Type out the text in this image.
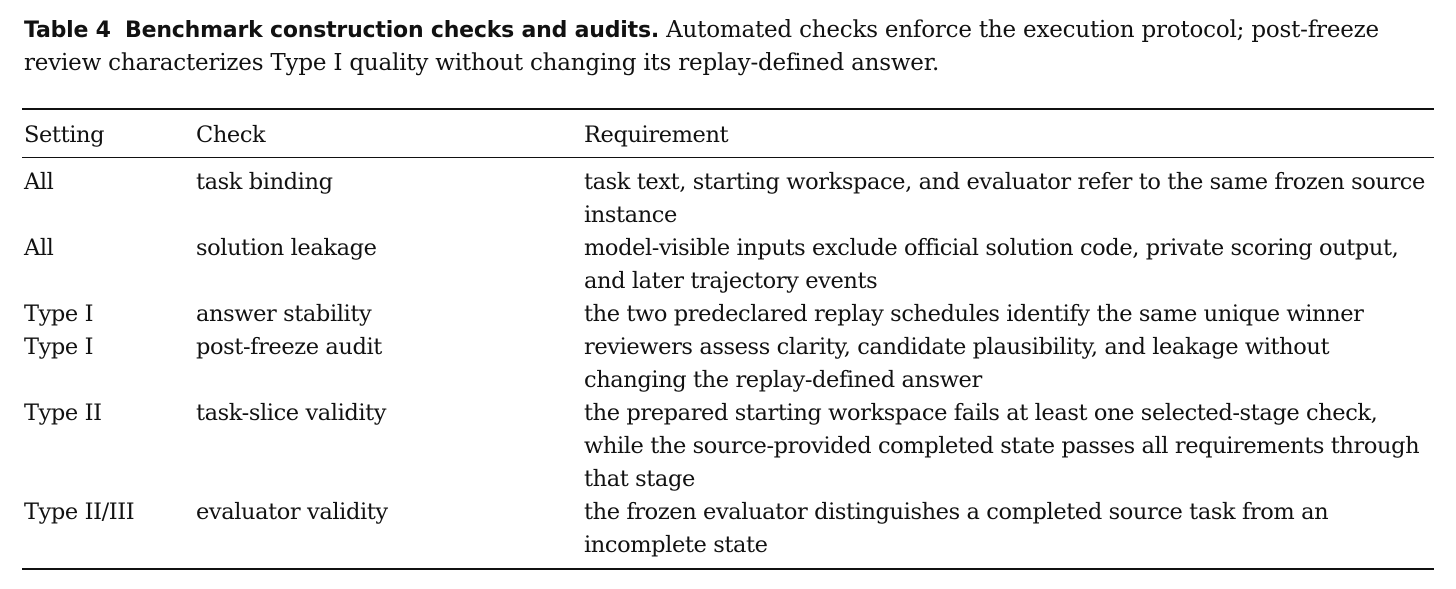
Table 4 Benchmark construction checks and audits. Automated checks enforce the execution protocol; post-freeze review characterizes Type I quality without changing its replay-defined answer.
Setting	Check	Requirement
All	task binding	task text, starting workspace, and evaluator refer to the same frozen source instance
All	solution leakage	model-visible inputs exclude official solution code, private scoring output, and later trajectory events
Type I	answer stability	the two predeclared replay schedules identify the same unique winner
Type I	post-freeze audit	reviewers assess clarity, candidate plausibility, and leakage without changing the replay-defined answer
Type II	task-slice validity	the prepared starting workspace fails at least one selected-stage check, while the source-provided completed state passes all requirements through that stage
Type II/III	evaluator validity	the frozen evaluator distinguishes a completed source task from an incomplete state
